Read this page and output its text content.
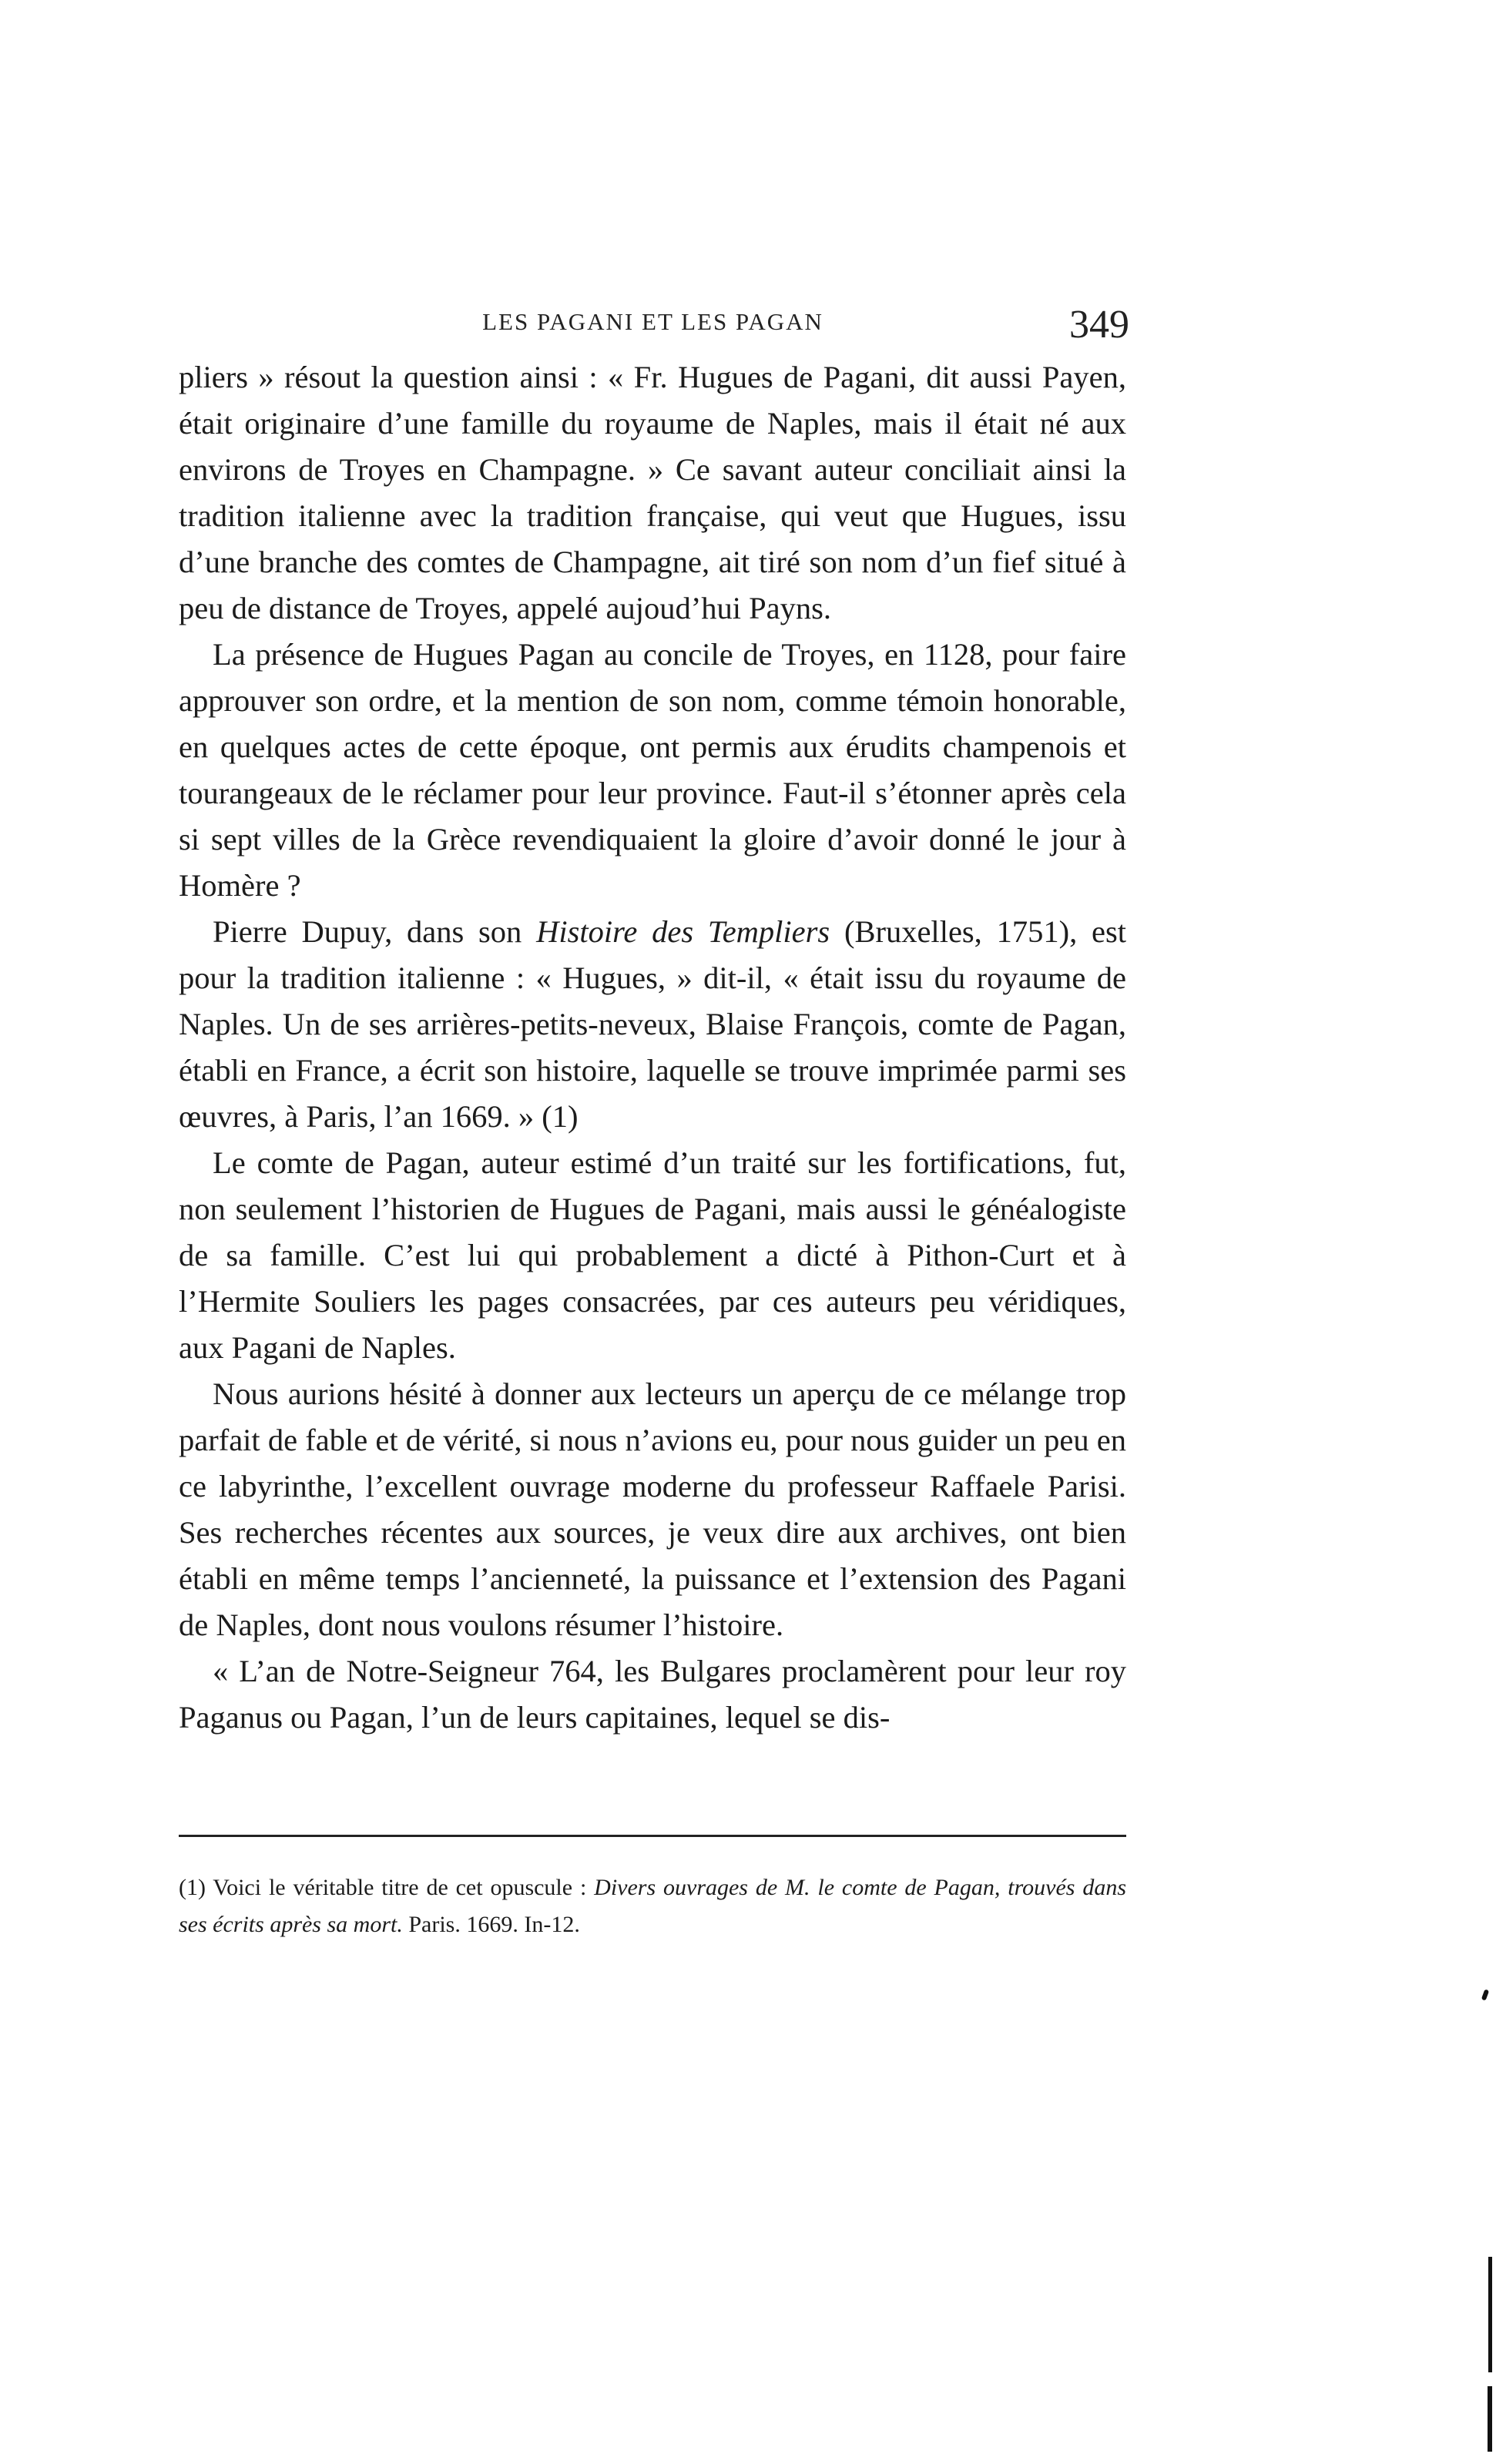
LES PAGANI ET LES PAGAN	349

pliers » résout la question ainsi : « Fr. Hugues de Pagani, dit aussi Payen, était originaire d’une famille du royaume de Naples, mais il était né aux environs de Troyes en Champagne. » Ce savant auteur conciliait ainsi la tradition italienne avec la tradition française, qui veut que Hugues, issu d’une branche des comtes de Champagne, ait tiré son nom d’un fief situé à peu de distance de Troyes, appelé aujoud’hui Payns.

La présence de Hugues Pagan au concile de Troyes, en 1128, pour faire approuver son ordre, et la mention de son nom, comme témoin honorable, en quelques actes de cette époque, ont permis aux érudits champenois et tourangeaux de le réclamer pour leur province. Faut-il s’étonner après cela si sept villes de la Grèce revendiquaient la gloire d’avoir donné le jour à Homère ?

Pierre Dupuy, dans son Histoire des Templiers (Bruxelles, 1751), est pour la tradition italienne : « Hugues, » dit-il, « était issu du royaume de Naples. Un de ses arrières-petits-neveux, Blaise François, comte de Pagan, établi en France, a écrit son histoire, laquelle se trouve imprimée parmi ses œuvres, à Paris, l’an 1669. » (1)

Le comte de Pagan, auteur estimé d’un traité sur les fortifications, fut, non seulement l’historien de Hugues de Pagani, mais aussi le généalogiste de sa famille. C’est lui qui probablement a dicté à Pithon-Curt et à l’Hermite Souliers les pages consacrées, par ces auteurs peu véridiques, aux Pagani de Naples.

Nous aurions hésité à donner aux lecteurs un aperçu de ce mélange trop parfait de fable et de vérité, si nous n’avions eu, pour nous guider un peu en ce labyrinthe, l’excellent ouvrage moderne du professeur Raffaele Parisi. Ses recherches récentes aux sources, je veux dire aux archives, ont bien établi en même temps l’ancienneté, la puissance et l’extension des Pagani de Naples, dont nous voulons résumer l’histoire.

« L’an de Notre-Seigneur 764, les Bulgares proclamèrent pour leur roy Paganus ou Pagan, l’un de leurs capitaines, lequel se dis-

(1) Voici le véritable titre de cet opuscule : Divers ouvrages de M. le comte de Pagan, trouvés dans ses écrits après sa mort. Paris. 1669. In-12.
